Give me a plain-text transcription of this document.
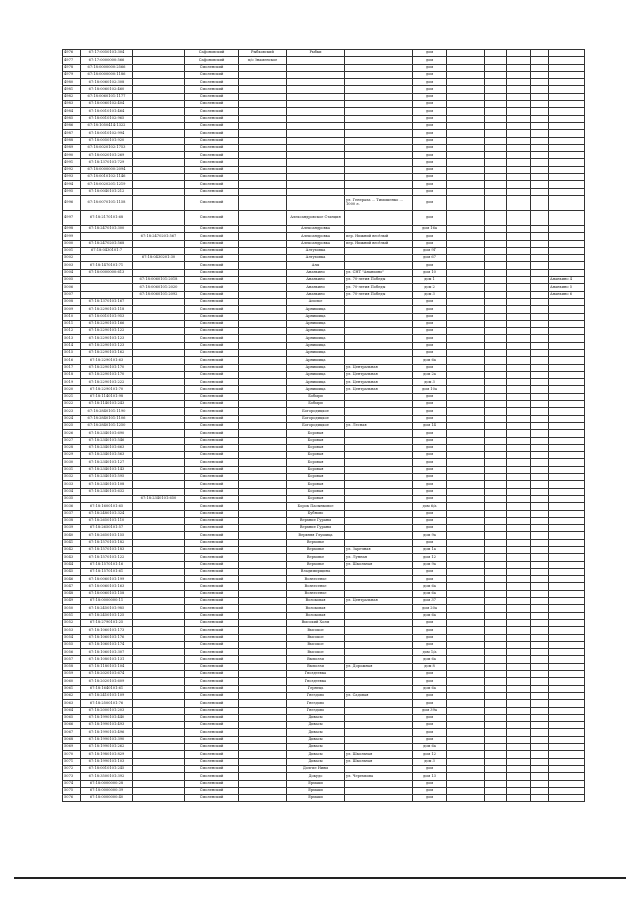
4976	67:17:0050101:304		Сафоновский	Рыбковский	Рыбки		дом					
4977	67:17:0000000:566		Сафоновский	п/о Знаменское			дом					
4978	67:18:0000000:2566		Смоленский				дом					
4979	67:18:0000000:1186		Смоленский				дом					
4980	67:18:0060102:308		Смоленский				дом					
4981	67:18:0060102:460		Смоленский				дом					
4982	67:18:0060101:1177		Смоленский				дом					
4983	67:18:0060102:404		Смоленский				дом					
4984	67:18:0010101:464		Смоленский				дом					
4985	67:18:0010102:965		Смоленский				дом					
4986	67:18:1050414:1322		Смоленский				дом					
4987	67:18:0010102:994		Смоленский				дом					
4988	67:18:0050101:920		Смоленский				дом					
4989	67:18:0020102:1753		Смоленский				дом					
4990	67:18:0020101:269		Смоленский				дом					
4991	67:18:1370101:729		Смоленский				дом					
4992	67:18:0000000:2094		Смоленский				дом					
4993	67:18:0010102:1146		Смоленский				дом					
4994	67:18:0020201:1219		Смоленский				дом					
4995	67:18:0040101:212		Смоленский				дом					
4996	67:18:0070101:1158		Смоленский			ул. Генерала ... Тимошенко ... 1000 л.	дом					
4997	67:18:2170101:68		Смоленский		Александровское Станция		дом					
4998	67:18:2470101:300		Смоленский		Александровка		дом 16а					
4999		67:18:2470201:567	Смоленский		Александровка	пер. Нижний весёлый	дом					
5000	67:18:2470201:568		Смоленский		Александровка	пер. Нижний весёлый	дом					
5001	67:18:0430101:7		Смоленский		Алтуховка		дом 9Г					
5002		67:18:0430201:30	Смоленский		Алтуховка		дом 67					
5003	67:18:1470101:71		Смоленский		Азы		дом					
5004	67:18:0000000:613		Смоленский		Ананьино	ул. СНТ "Ананьино"	дом 10					
5005		67:18:0060101:2018	Смоленский		Ананьино	ул. 70-летия Победы	дом 1					Ананьино 4
5006		67:18:0060101:2020	Смоленский		Ананьино	ул. 70-летия Победы	дом 2					Ананьино 5
5007		67:18:0060101:2092	Смоленский		Ананьино	ул. 70-летия Победы	дом 3					Ананьино 6
5008	67:18:1370101:167		Смоленский		Аполье		дом					
5009	67:18:2290101:118		Смоленский		Арнишица		дом					
5010	67:18:0010101:953		Смоленский		Арнишица		дом					
5011	67:18:2290101:166		Смоленский		Арнишица		дом					
5012	67:18:2290101:122		Смоленский		Арнишица		дом					
5013	67:18:2290101:123		Смоленский		Арнишица		дом					
5014	67:18:2290101:123		Смоленский		Арнишица		дом					
5015	67:18:2290101:162		Смоленский		Арнишица		дом					
5016	67:18:2290101:63		Смоленский		Арнишица		дом 6а					
5017	67:18:2290101:170		Смоленский		Арнишица	ул. Центральная	дом					
5018	67:18:2290101:170		Смоленский		Арнишица	ул. Центральная	дом 2а					
5019	67:18:2290101:222		Смоленский		Арнишица	ул. Центральная	дом 3					
5020	67:18:2290101:70		Смоленский		Арнишица	ул. Центральная	дом 10а					
5021	67:18:1140101:98		Смоленский		Бобыри		дом					
5022	67:18:1140101:243		Смоленский		Бобыри		дом					
5023	67:18:2840101:1190		Смоленский		Богородицкое		дом					
5024	67:18:2840101:1106		Смоленский		Богородицкое		дом					
5025	67:18:2840101:1250		Смоленский		Богородицкое	ул. Лесная	дом 14					
5026	67:18:2340101:690		Смоленский		Боровая		дом					
5027	67:18:2340101:546		Смоленский		Боровая		дом					
5028	67:18:2340101:663		Смоленский		Боровая		дом					
5029	67:18:2340101:563		Смоленский		Боровая		дом					
5030	67:18:2340101:127		Смоленский		Боровая		дом					
5031	67:18:2340101:143		Смоленский		Боровая		дом					
5032	67:18:2340101:595		Смоленский		Боровая		дом					
5033	67:18:2340101:108		Смоленский		Боровая		дом					
5034	67:18:2340101:632		Смоленский		Боровая		дом					
5035		67:18:2340101:650	Смоленский		Боровая		дом					
5036	67:18:1600101:65		Смоленский		Борок Пасынковое		дом 6/а					
5037	67:18:2480101:324		Смоленский		Бубново		дом					
5038	67:18:2650101:110		Смоленский		Верхние Гураны		дом					
5039	67:18:2650101:57		Смоленский		Верхние Гураны		дом					
5040	67:18:2650101:155		Смоленский		Верхняя Глушица		дом 9а					
5041	67:18:1570101:182		Смоленский		Верховье		дом					
5042	67:18:1570101:183		Смоленский		Верховье	ул. Заречная	дом 1а					
5043	67:18:1570101:122		Смоленский		Верховье	ул. Лунная	дом 12					
5044	67:18:1570101:16		Смоленский		Верховье	ул. Школьная	дом 9а					
5045	67:18:1570101:61		Смоленский		Владимирщина		дом					
5046	67:18:0060101:199		Смоленский		Вознесенье		дом					
5047	67:18:0060101:163		Смоленский		Вознесенье		дом 6а					
5048	67:18:0060101:158		Смоленский		Вознесенье		дом 6а					
5049	67:18:0000000:11		Смоленский		Волоковая	ул. Центральная	дом 37					
5050	67:18:2450101:985		Смоленский		Волоковая		дом 20а					
5051	67:18:2450101:125		Смоленский		Волоковая		дом 6а					
5052	67:18:2790101:25		Смоленский		Высокий Холм		дом					
5053	67:18:1060101:173		Смоленский		Высокое		дом					
5054	67:18:1060101:176		Смоленский		Высокое		дом					
5055	67:18:1060101:174		Смоленский		Высокое		дом					
5056	67:18:1060101:307		Смоленский		Высокое		дом 1/а					
5057	67:18:1080101:131		Смоленский		Выползи		дом 6а					
5058	67:18:1180101:104		Смоленский		Выползи	ул. Дорожная	дом 8					
5059	67:18:2020101:674		Смоленский		Гвоздеевка		дом					
5060	67:18:2020101:609		Смоленский		Гвоздеевка		дом					
5061	67:18:1640101:61		Смоленский		Гернець		дом 6а					
5062	67:18:2410101:109		Смоленский		Гнездово	ул. Садовая	дом					
5063	67:18:2500101:76		Смоленский		Гнездово		дом					
5064	67:18:2000101:203		Смоленский		Гнездово		дом 39а					
5065	67:18:1990101:440		Смоленский		Дивасы		дом					
5066	67:18:1990101:493		Смоленский		Дивасы		дом					
5067	67:18:1990101:496		Смоленский		Дивасы		дом					
5068	67:18:1990101:390		Смоленский		Дивасы		дом					
5069	67:18:1990101:262		Смоленский		Дивасы		дом 6а					
5070	67:18:1980101:829		Смоленский		Дивасы	ул. Школьная	дом 12					
5071	67:18:1990101:103		Смоленский		Дивасы	ул. Школьная	дом 3					
5072	67:18:0010101:245		Смоленский		Долгие Нивы		дом					
5073	67:18:3500101:392		Смоленский		Докудо	ул. Черемхова	дом 13					
5074	67:18:0000000:28		Смоленский		Ермаки		дом					
5075	67:18:0000000:39		Смоленский		Ермаки		дом					
5076	67:18:0000000:40		Смоленский		Ермаки		дом					
